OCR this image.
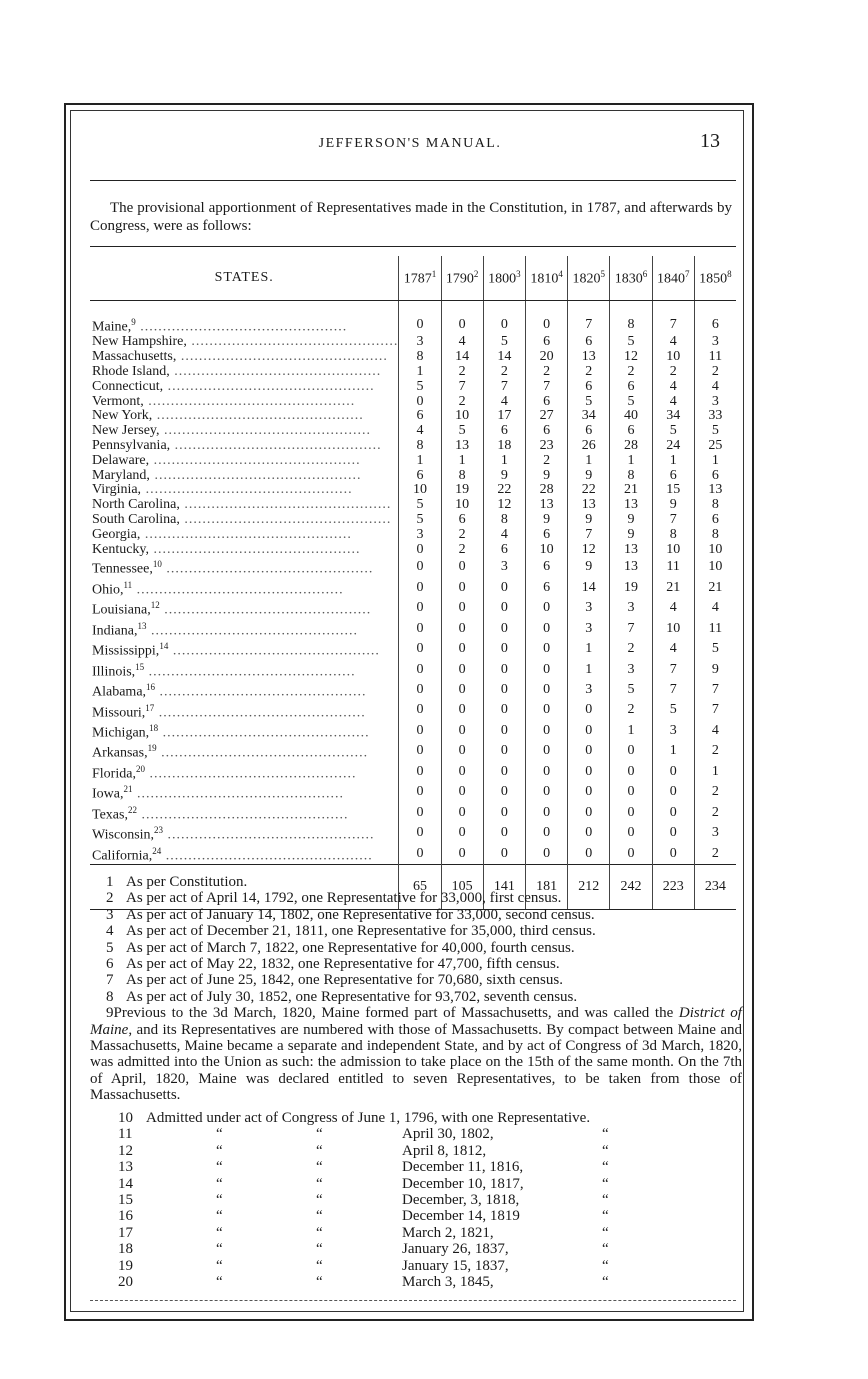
JEFFERSON'S MANUAL.	13

The provisional apportionment of Representatives made in the Constitution, in 1787, and afterwards by Congress, were as follows:

STATES.	1787$^1$	1790$^2$	1800$^3$	1810$^4$	1820$^5$	1830$^6$	1840$^7$	1850$^8$
Maine,$^9$ ..............................................	0	0	0	0	7	8	7	6
New Hampshire, ..............................................	3	4	5	6	6	5	4	3
Massachusetts, ..............................................	8	14	14	20	13	12	10	11
Rhode Island, ..............................................	1	2	2	2	2	2	2	2
Connecticut, ..............................................	5	7	7	7	6	6	4	4
Vermont, ..............................................	0	2	4	6	5	5	4	3
New York, ..............................................	6	10	17	27	34	40	34	33
New Jersey, ..............................................	4	5	6	6	6	6	5	5
Pennsylvania, ..............................................	8	13	18	23	26	28	24	25
Delaware, ..............................................	1	1	1	2	1	1	1	1
Maryland, ..............................................	6	8	9	9	9	8	6	6
Virginia, ..............................................	10	19	22	28	22	21	15	13
North Carolina, ..............................................	5	10	12	13	13	13	9	8
South Carolina, ..............................................	5	6	8	9	9	9	7	6
Georgia, ..............................................	3	2	4	6	7	9	8	8
Kentucky, ..............................................	0	2	6	10	12	13	10	10
Tennessee,$^{10}$ ..............................................	0	0	3	6	9	13	11	10
Ohio,$^{11}$ ..............................................	0	0	0	6	14	19	21	21
Louisiana,$^{12}$ ..............................................	0	0	0	0	3	3	4	4
Indiana,$^{13}$ ..............................................	0	0	0	0	3	7	10	11
Mississippi,$^{14}$ ..............................................	0	0	0	0	1	2	4	5
Illinois,$^{15}$ ..............................................	0	0	0	0	1	3	7	9
Alabama,$^{16}$ ..............................................	0	0	0	0	3	5	7	7
Missouri,$^{17}$ ..............................................	0	0	0	0	0	2	5	7
Michigan,$^{18}$ ..............................................	0	0	0	0	0	1	3	4
Arkansas,$^{19}$ ..............................................	0	0	0	0	0	0	1	2
Florida,$^{20}$ ..............................................	0	0	0	0	0	0	0	1
Iowa,$^{21}$ ..............................................	0	0	0	0	0	0	0	2
Texas,$^{22}$ ..............................................	0	0	0	0	0	0	0	2
Wisconsin,$^{23}$ ..............................................	0	0	0	0	0	0	0	3
California,$^{24}$ ..............................................	0	0	0	0	0	0	0	2
	65	105	141	181	212	242	223	234
1 As per Constitution.
2 As per act of April 14, 1792, one Representative for 33,000, first census.
3 As per act of January 14, 1802, one Representative for 33,000, second census.
4 As per act of December 21, 1811, one Representative for 35,000, third census.
5 As per act of March 7, 1822, one Representative for 40,000, fourth census.
6 As per act of May 22, 1832, one Representative for 47,700, fifth census.
7 As per act of June 25, 1842, one Representative for 70,680, sixth census.
8 As per act of July 30, 1852, one Representative for 93,702, seventh census.
9Previous to the 3d March, 1820, Maine formed part of Massachusetts, and was called the District of Maine, and its Representatives are numbered with those of Massachusetts. By compact between Maine and Massachusetts, Maine became a separate and independent State, and by act of Congress of 3d March, 1820, was admitted into the Union as such: the admission to take place on the 15th of the same month. On the 7th of April, 1820, Maine was declared entitled to seven Representatives, to be taken from those of Massachusetts.
10 Admitted under act of Congress of June 1, 1796, with one Representative.
11	“	“	April 30, 1802,	“
12	“	“	April 8, 1812,	“
13	“	“	December 11, 1816,	“
14	“	“	December 10, 1817,	“
15	“	“	December, 3, 1818,	“
16	“	“	December 14, 1819	“
17	“	“	March 2, 1821,	“
18	“	“	January 26, 1837,	“
19	“	“	January 15, 1837,	“
20	“	“	March 3, 1845,	“
